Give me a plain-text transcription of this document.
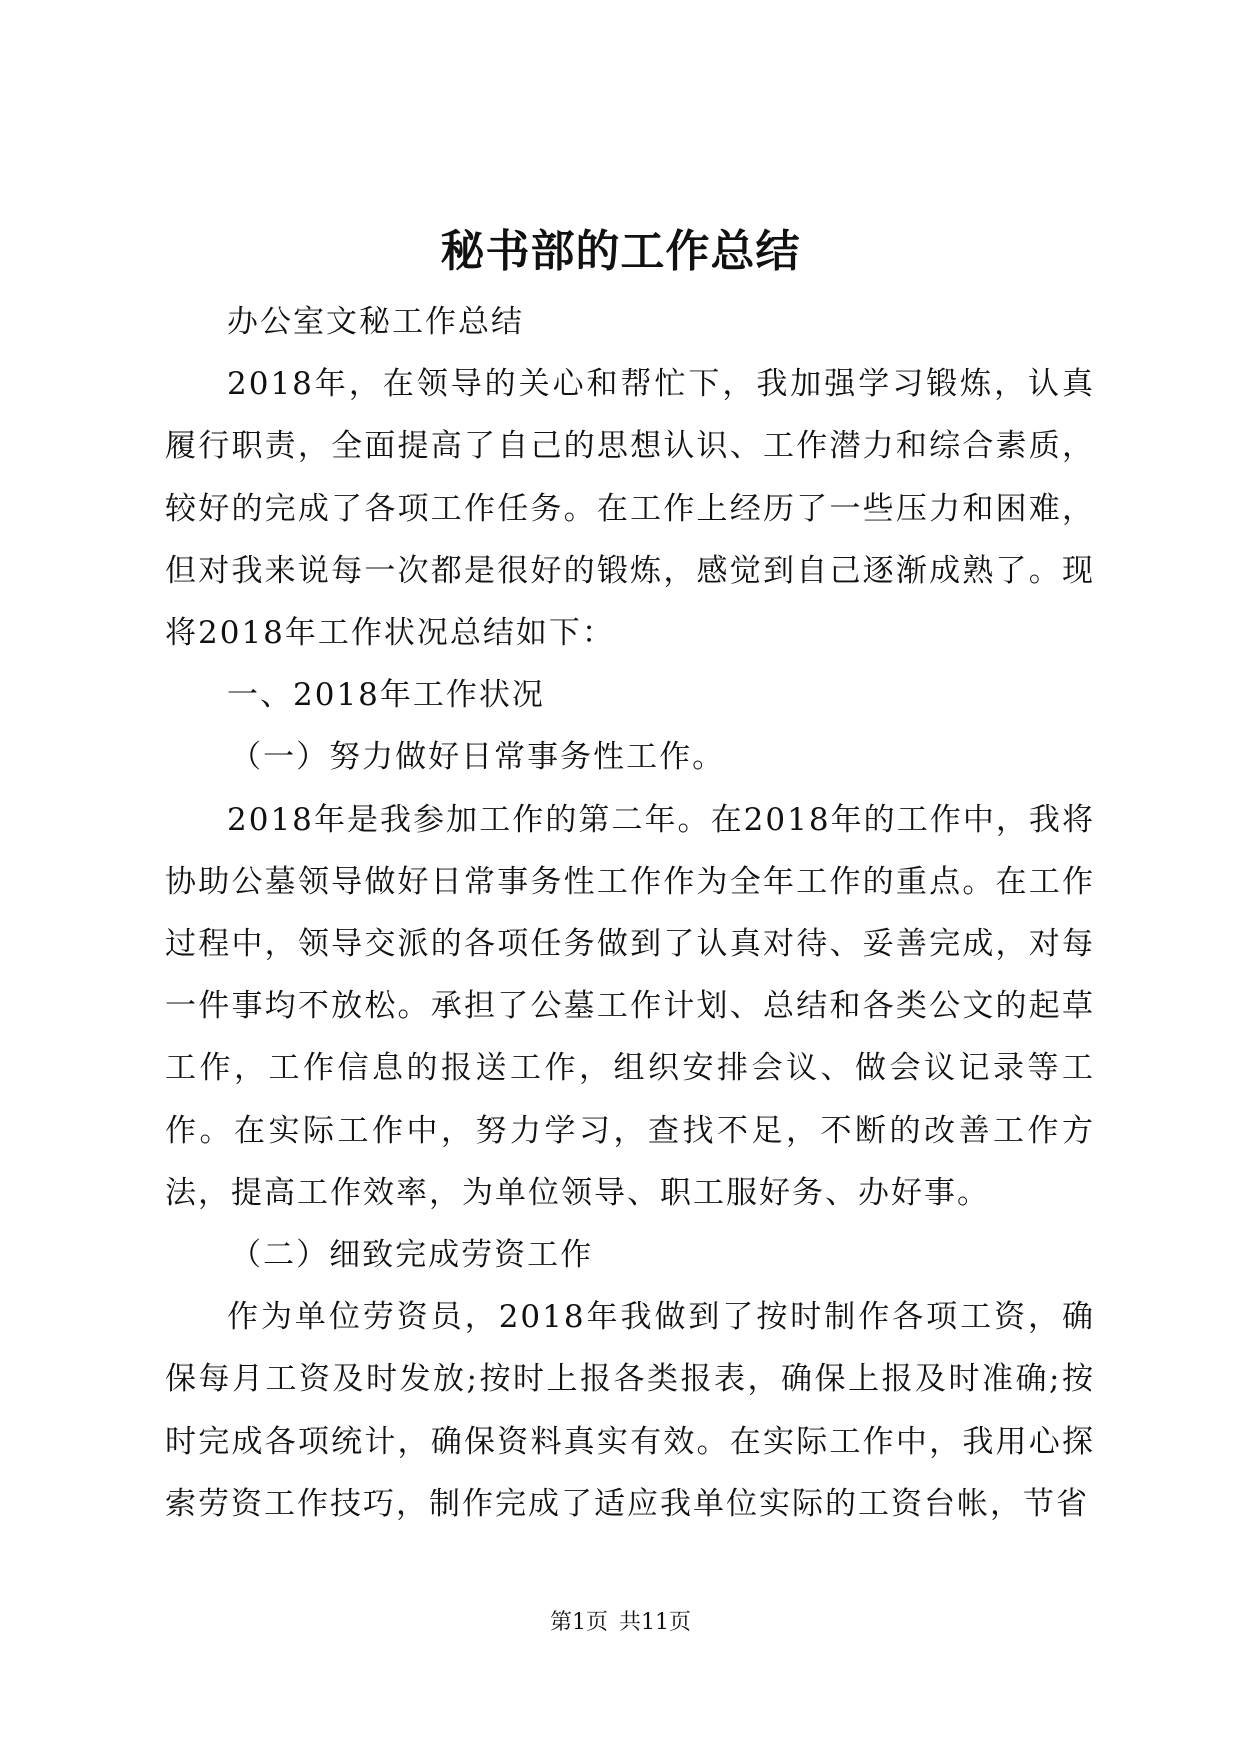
秘书部的工作总结

办公室文秘工作总结

2018年，在领导的关心和帮忙下，我加强学习锻炼，认真履行职责，全面提高了自己的思想认识、工作潜力和综合素质，较好的完成了各项工作任务。在工作上经历了一些压力和困难，但对我来说每一次都是很好的锻炼，感觉到自己逐渐成熟了。现将2018年工作状况总结如下：

一、2018年工作状况

（一）努力做好日常事务性工作。

2018年是我参加工作的第二年。在2018年的工作中，我将协助公墓领导做好日常事务性工作作为全年工作的重点。在工作过程中，领导交派的各项任务做到了认真对待、妥善完成，对每一件事均不放松。承担了公墓工作计划、总结和各类公文的起草工作，工作信息的报送工作，组织安排会议、做会议记录等工作。在实际工作中，努力学习，查找不足，不断的改善工作方法，提高工作效率，为单位领导、职工服好务、办好事。

（二）细致完成劳资工作

作为单位劳资员，2018年我做到了按时制作各项工资，确保每月工资及时发放;按时上报各类报表，确保上报及时准确;按时完成各项统计，确保资料真实有效。在实际工作中，我用心探索劳资工作技巧，制作完成了适应我单位实际的工资台帐，节省

第1页 共11页
